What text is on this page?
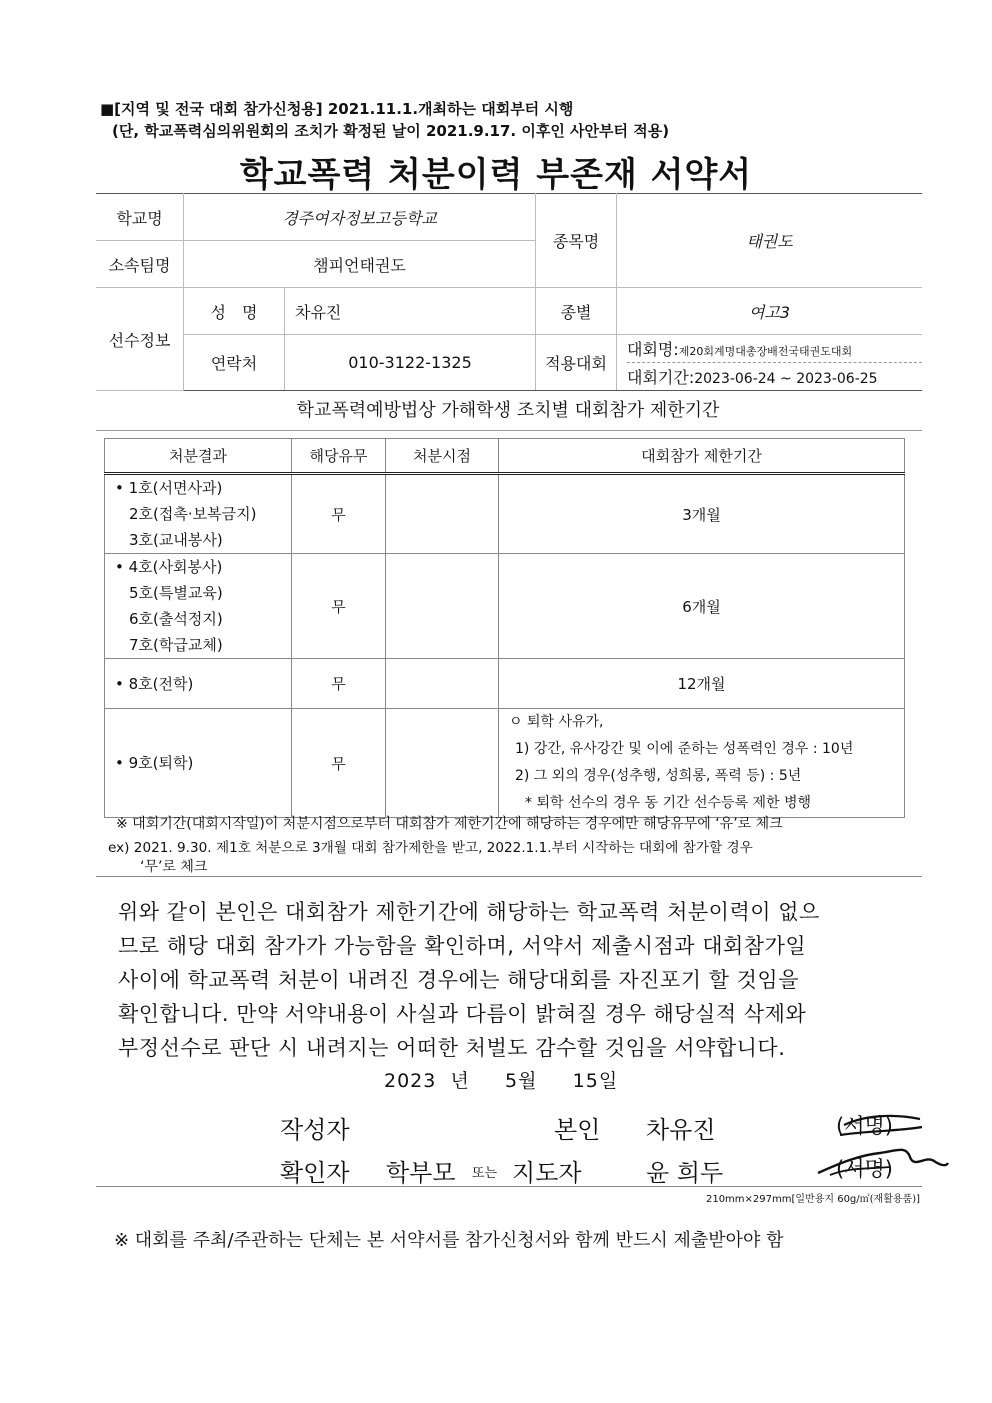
■[지역 및 전국 대회 참가신청용] 2021.11.1.개최하는 대회부터 시행
(단, 학교폭력심의위원회의 조치가 확정된 날이 2021.9.17. 이후인 사안부터 적용)
학교폭력 처분이력 부존재 서약서
학교명	경주여자정보고등학교		종목명	태권도
소속팀명	챔피언태권도			
선수정보	성　명	차유진	종별	여고3
	연락처	010-3122-1325	적용대회	대회명:제20회계명대총장배전국태권도대회
대회기간:2023-06-24 ~ 2023-06-25
학교폭력예방법상 가해학생 조치별 대회참가 제한기간
처분결과	해당유무	처분시점	대회참가 제한기간

• 1호(서면사과)
2호(접촉·보복금지)
3호(교내봉사)	무		3개월

• 4호(사회봉사)
5호(특별교육)
6호(출석정지)
7호(학급교체)	무		6개월

• 8호(전학)	무		12개월

• 9호(퇴학)	무		ㅇ 퇴학 사유가,
1) 강간, 유사강간 및 이에 준하는 성폭력인 경우 : 10년
2) 그 외의 경우(성추행, 성희롱, 폭력 등) : 5년
* 퇴학 선수의 경우 동 기간 선수등록 제한 병행
※ 대회기간(대회시작일)이 처분시점으로부터 대회참가 제한기간에 해당하는 경우에만 해당유무에 ‘유’로 체크
ex) 2021. 9.30. 제1호 처분으로 3개월 대회 참가제한을 받고, 2022.1.1.부터 시작하는 대회에 참가할 경우
‘무’로 체크
위와 같이 본인은 대회참가 제한기간에 해당하는 학교폭력 처분이력이 없으
므로 해당 대회 참가가 가능함을 확인하며, 서약서 제출시점과 대회참가일
사이에 학교폭력 처분이 내려진 경우에는 해당대회를 자진포기 할 것임을
확인합니다. 만약 서약내용이 사실과 다름이 밝혀질 경우 해당실적 삭제와
부정선수로 판단 시 내려지는 어떠한 처벌도 감수할 것임을 서약합니다.
2023 년 5월 15일
작성자	본인 차유진	(서명)
확인자 학부모 또는 지도자	윤 희두	(서명)
210mm×297mm[일반용지 60g/㎡(재활용품)]
※ 대회를 주최/주관하는 단체는 본 서약서를 참가신청서와 함께 반드시 제출받아야 함
